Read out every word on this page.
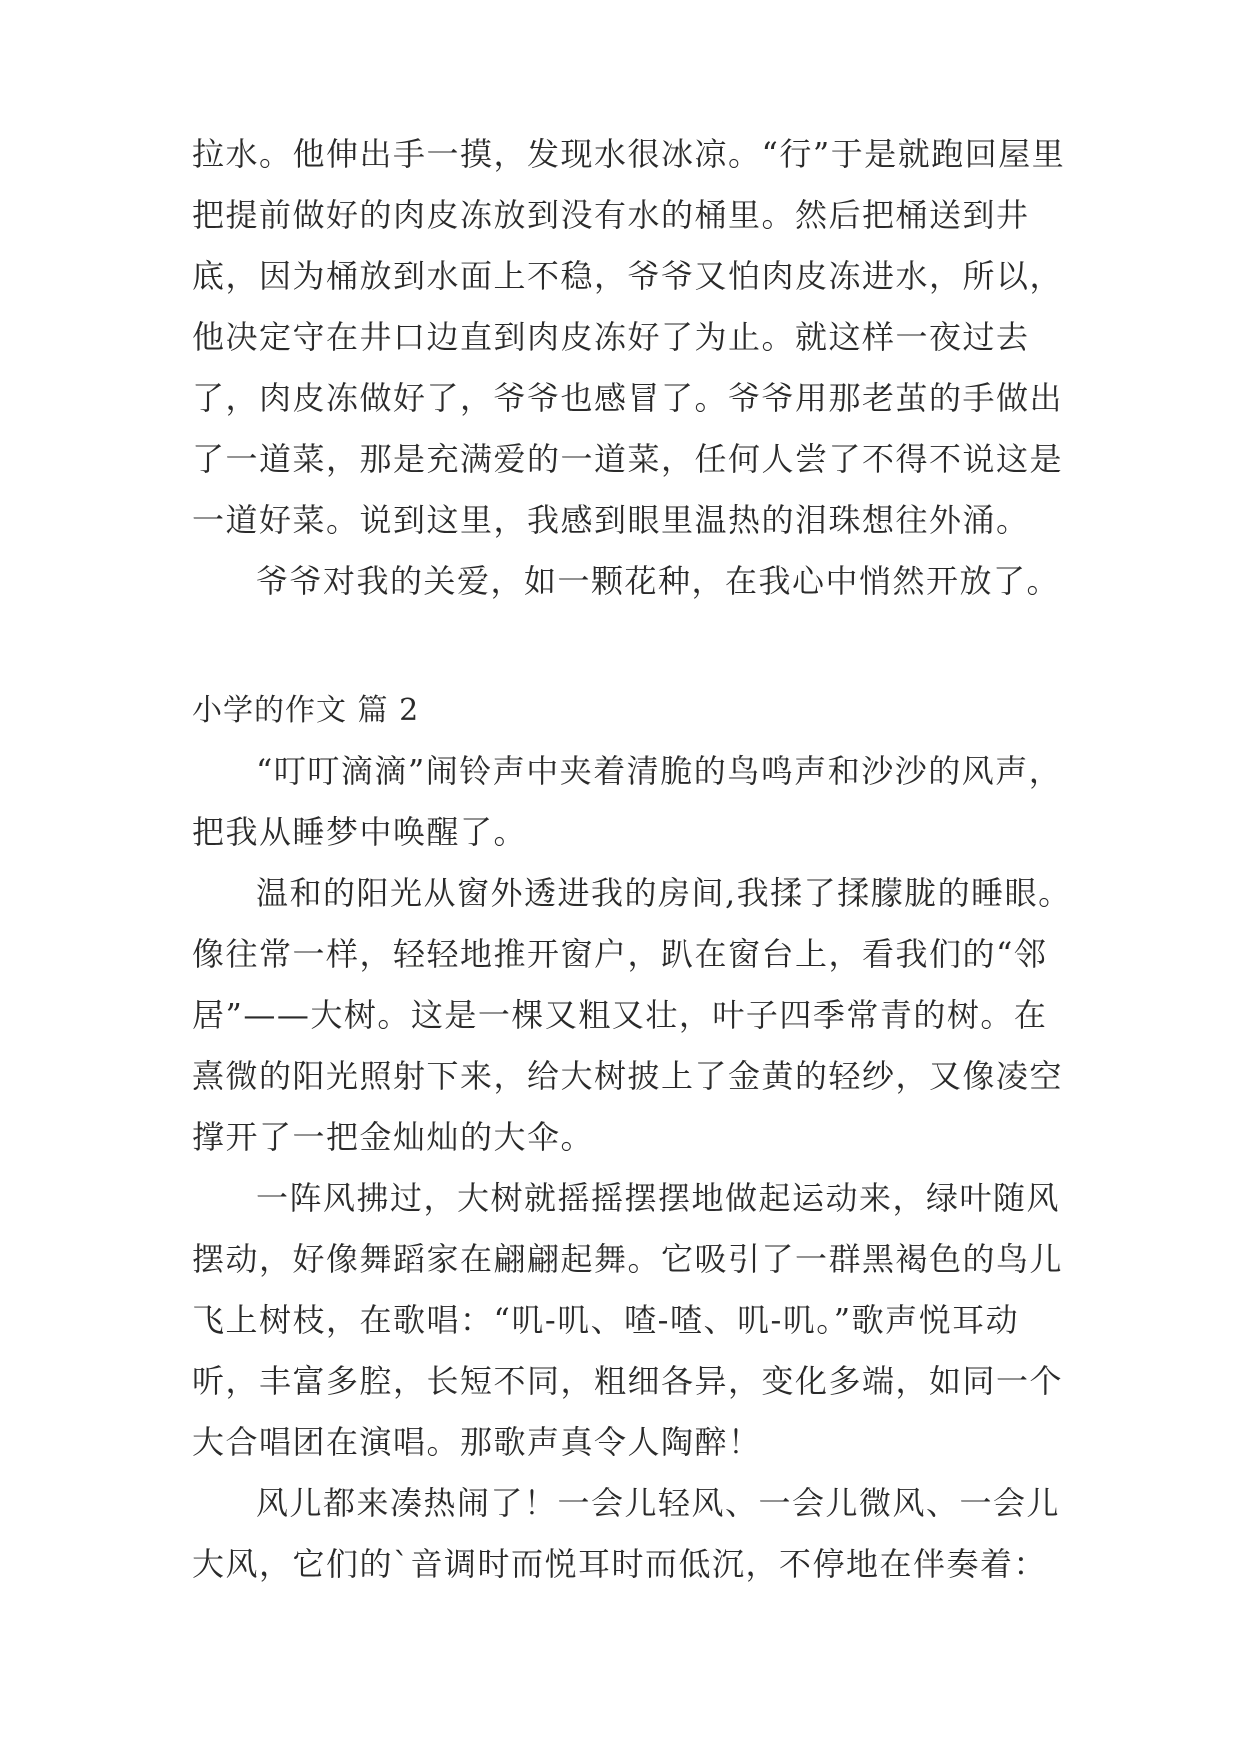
拉水。他伸出手一摸，发现水很冰凉。“行”于是就跑回屋里把提前做好的肉皮冻放到没有水的桶里。然后把桶送到井底，因为桶放到水面上不稳，爷爷又怕肉皮冻进水，所以，他决定守在井口边直到肉皮冻好了为止。就这样一夜过去了，肉皮冻做好了，爷爷也感冒了。爷爷用那老茧的手做出了一道菜，那是充满爱的一道菜，任何人尝了不得不说这是一道好菜。说到这里，我感到眼里温热的泪珠想往外涌。

爷爷对我的关爱，如一颗花种，在我心中悄然开放了。

小学的作文 篇 2

“叮叮滴滴”闹铃声中夹着清脆的鸟鸣声和沙沙的风声，把我从睡梦中唤醒了。

温和的阳光从窗外透进我的房间,我揉了揉朦胧的睡眼。像往常一样，轻轻地推开窗户，趴在窗台上，看我们的“邻居”——大树。这是一棵又粗又壮，叶子四季常青的树。在熹微的阳光照射下来，给大树披上了金黄的轻纱，又像凌空撑开了一把金灿灿的大伞。

一阵风拂过，大树就摇摇摆摆地做起运动来，绿叶随风摆动，好像舞蹈家在翩翩起舞。它吸引了一群黑褐色的鸟儿飞上树枝，在歌唱：“叽-叽、喳-喳、叽-叽。”歌声悦耳动听，丰富多腔，长短不同，粗细各异，变化多端，如同一个大合唱团在演唱。那歌声真令人陶醉！

风儿都来凑热闹了！一会儿轻风、一会儿微风、一会儿大风，它们的`音调时而悦耳时而低沉，不停地在伴奏着：
